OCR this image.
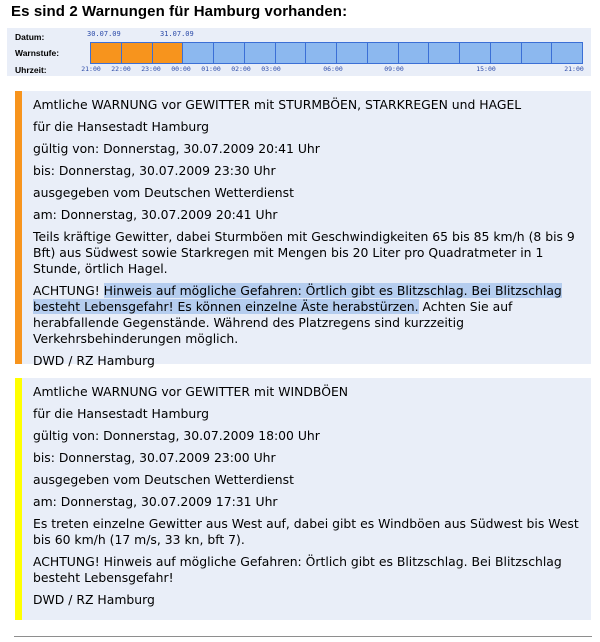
Es sind 2 Warnungen für Hamburg vorhanden:
Datum:
Warnstufe:
Uhrzeit:
30.07.09	31.07.09
21:00 22:00 23:00 00:00 01:00 02:00 03:00	06:00	09:00	15:00	21:00

Amtliche WARNUNG vor GEWITTER mit STURMBÖEN, STARKREGEN und HAGEL

für die Hansestadt Hamburg

gültig von: Donnerstag, 30.07.2009 20:41 Uhr

bis: Donnerstag, 30.07.2009 23:30 Uhr

ausgegeben vom Deutschen Wetterdienst

am: Donnerstag, 30.07.2009 20:41 Uhr

Teils kräftige Gewitter, dabei Sturmböen mit Geschwindigkeiten 65 bis 85 km/h (8 bis 9 Bft) aus Südwest sowie Starkregen mit Mengen bis 20 Liter pro Quadratmeter in 1 Stunde, örtlich Hagel.

ACHTUNG! Hinweis auf mögliche Gefahren: Örtlich gibt es Blitzschlag. Bei Blitzschlag besteht Lebensgefahr! Es können einzelne Äste herabstürzen. Achten Sie auf herabfallende Gegenstände. Während des Platzregens sind kurzzeitig Verkehrsbehinderungen möglich.

DWD / RZ Hamburg

Amtliche WARNUNG vor GEWITTER mit WINDBÖEN

für die Hansestadt Hamburg

gültig von: Donnerstag, 30.07.2009 18:00 Uhr

bis: Donnerstag, 30.07.2009 23:00 Uhr

ausgegeben vom Deutschen Wetterdienst

am: Donnerstag, 30.07.2009 17:31 Uhr

Es treten einzelne Gewitter aus West auf, dabei gibt es Windböen aus Südwest bis West bis 60 km/h (17 m/s, 33 kn, bft 7).

ACHTUNG! Hinweis auf mögliche Gefahren: Örtlich gibt es Blitzschlag. Bei Blitzschlag besteht Lebensgefahr!

DWD / RZ Hamburg
